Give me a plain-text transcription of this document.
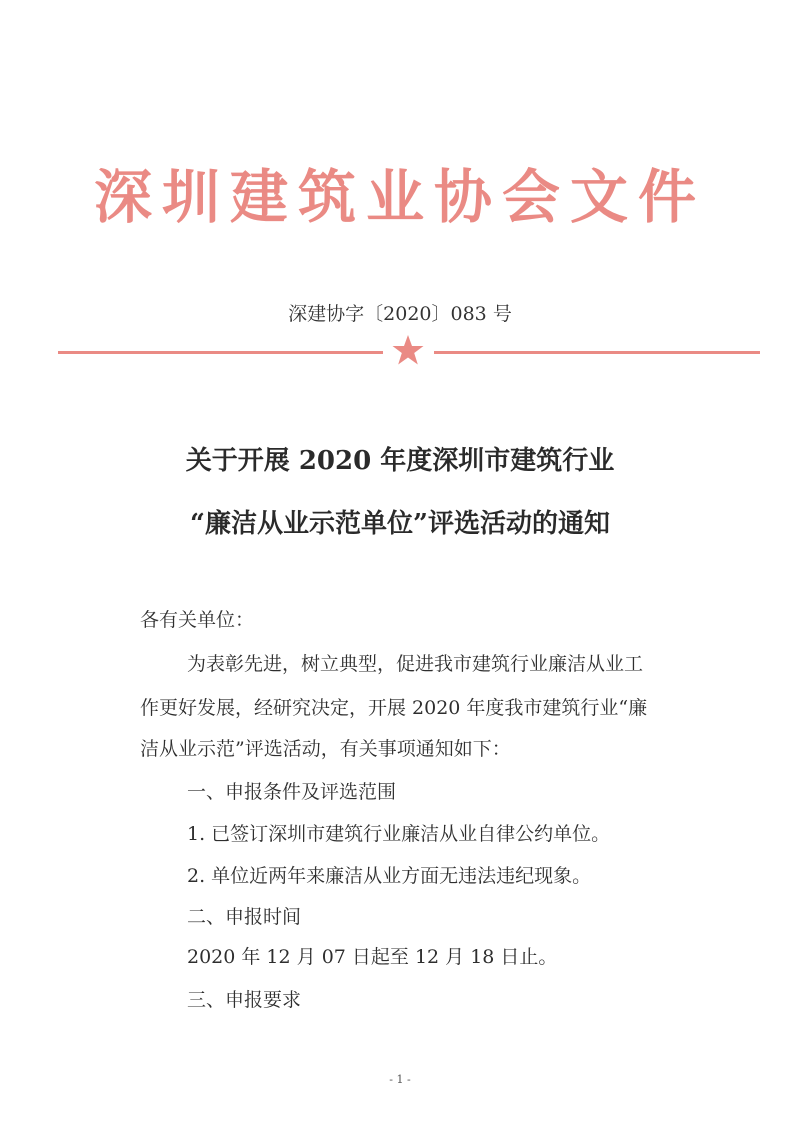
深圳建筑业协会文件
深建协字〔2020〕083 号
关于开展 2020 年度深圳市建筑行业
“廉洁从业示范单位”评选活动的通知
各有关单位：
为表彰先进，树立典型，促进我市建筑行业廉洁从业工
作更好发展，经研究决定，开展 2020 年度我市建筑行业“廉
洁从业示范”评选活动，有关事项通知如下：
一、申报条件及评选范围
1. 已签订深圳市建筑行业廉洁从业自律公约单位。
2. 单位近两年来廉洁从业方面无违法违纪现象。
二、申报时间
2020 年 12 月 07 日起至 12 月 18 日止。
三、申报要求
- 1 -
